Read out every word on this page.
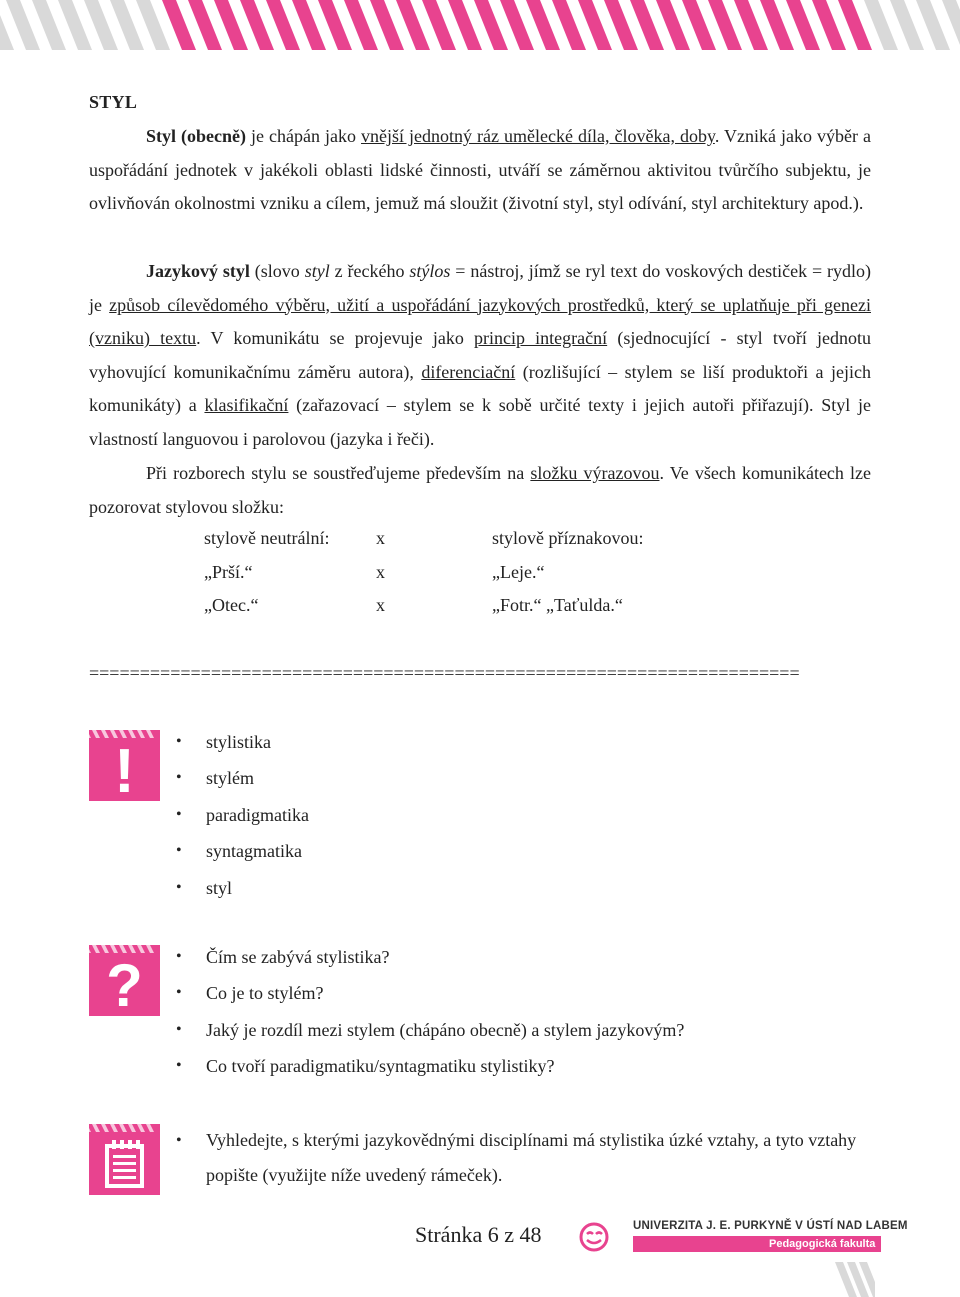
STYL

Styl (obecně) je chápán jako vnější jednotný ráz umělecké díla, člověka, doby. Vzniká jako výběr a uspořádání jednotek v jakékoli oblasti lidské činnosti, utváří se záměrnou aktivitou tvůrčího subjektu, je ovlivňován okolnostmi vzniku a cílem, jemuž má sloužit (životní styl, styl odívání, styl architektury apod.).

Jazykový styl (slovo styl z řeckého stýlos = nástroj, jímž se ryl text do voskových destiček = rydlo) je způsob cílevědomého výběru, užití a uspořádání jazykových prostředků, který se uplatňuje při genezi (vzniku) textu. V komunikátu se projevuje jako princip integrační (sjednocující - styl tvoří jednotu vyhovující komunikačnímu záměru autora), diferenciační (rozlišující – stylem se liší produktoři a jejich komunikáty) a klasifikační (zařazovací – stylem se k sobě určité texty i jejich autoři přiřazují). Styl je vlastností languovou i parolovou (jazyka i řeči).

Při rozborech stylu se soustřeďujeme především na složku výrazovou. Ve všech komunikátech lze pozorovat stylovou složku:

stylově neutrální:	x	stylově příznakovou:
„Prší.“	x	„Leje.“
„Otec.“	x	„Fotr.“ „Taťulda.“
======================================================================
!	• stylistika
• stylém
• paradigmatika
• syntagmatika
• styl
?	• Čím se zabývá stylistika?
• Co je to stylém?
• Jaký je rozdíl mezi stylem (chápáno obecně) a stylem jazykovým?
• Co tvoří paradigmatiku/syntagmatiku stylistiky?
• Vyhledejte, s kterými jazykovědnými disciplínami má stylistika úzké vztahy, a tyto vztahy popište (využijte níže uvedený rámeček).
Stránka 6 z 48	UNIVERZITA J. E. PURKYNĚ V ÚSTÍ NAD LABEM
Pedagogická fakulta
